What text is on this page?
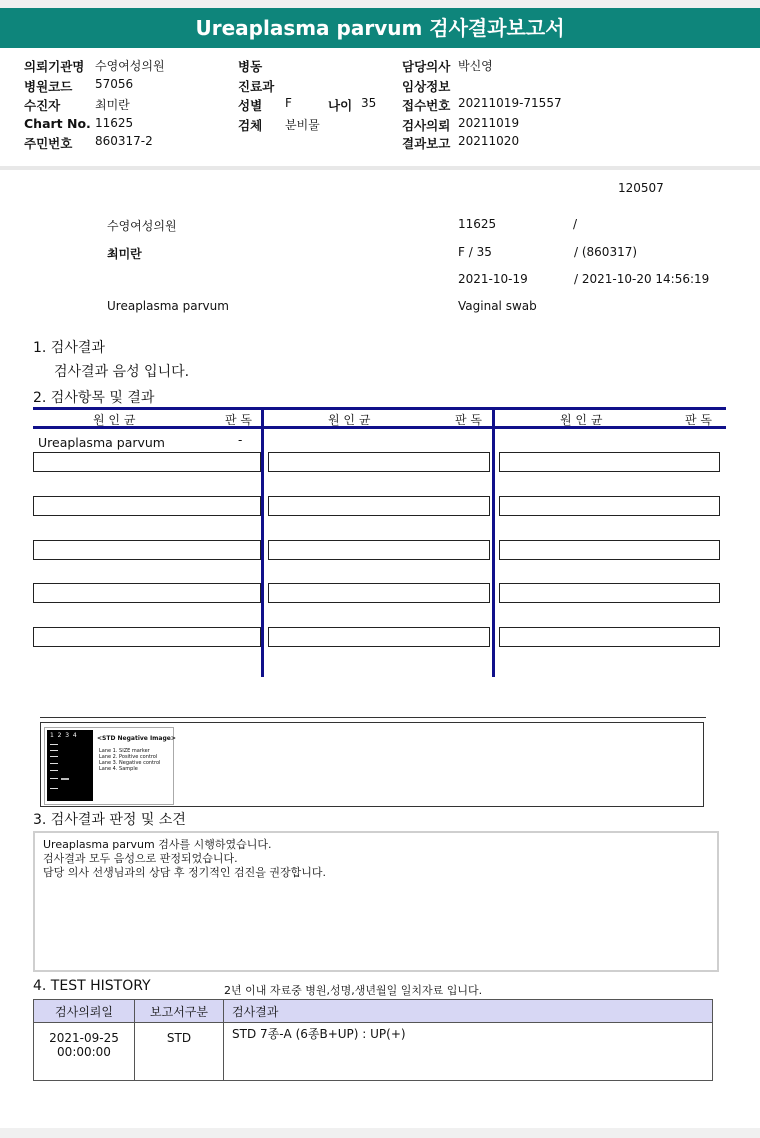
Ureaplasma parvum 검사결과보고서
의뢰기관명 수영여성의원
병원코드 57056
수진자	최미란
Chart No. 11625
주민번호 860317-2
병동
진료과
성별 F	나이 35
검체 분비물
담당의사 박신영
임상정보
접수번호 20211019-71557
검사의뢰 20211019
결과보고 20211020
120507
수영여성의원	11625	/
최미란	F / 35	/ (860317)
2021-10-19	/ 2021-10-20 14:56:19
Ureaplasma parvum	Vaginal swab
1. 검사결과
검사결과 음성 입니다.
2. 검사항목 및 결과
원 인 균	판 독	원 인 균	판 독	원 인 균	판 독
Ureaplasma parvum	-
1  2  3  4	<STD Negative Image>
Lane 1. SIZE marker
Lane 2. Positive control
Lane 3. Negative control
Lane 4. Sample
3. 검사결과 판정 및 소견
Ureaplasma parvum 검사를 시행하였습니다.
검사결과 모두 음성으로 판정되었습니다.
담당 의사 선생님과의 상담 후 정기적인 검진을 권장합니다.
4. TEST HISTORY	2년 이내 자료중 병원,성명,생년월일 일치자료 입니다.
검사의뢰일	보고서구분	검사결과

2021-09-25
00:00:00	STD	STD 7종-A (6종B+UP) : UP(+)
